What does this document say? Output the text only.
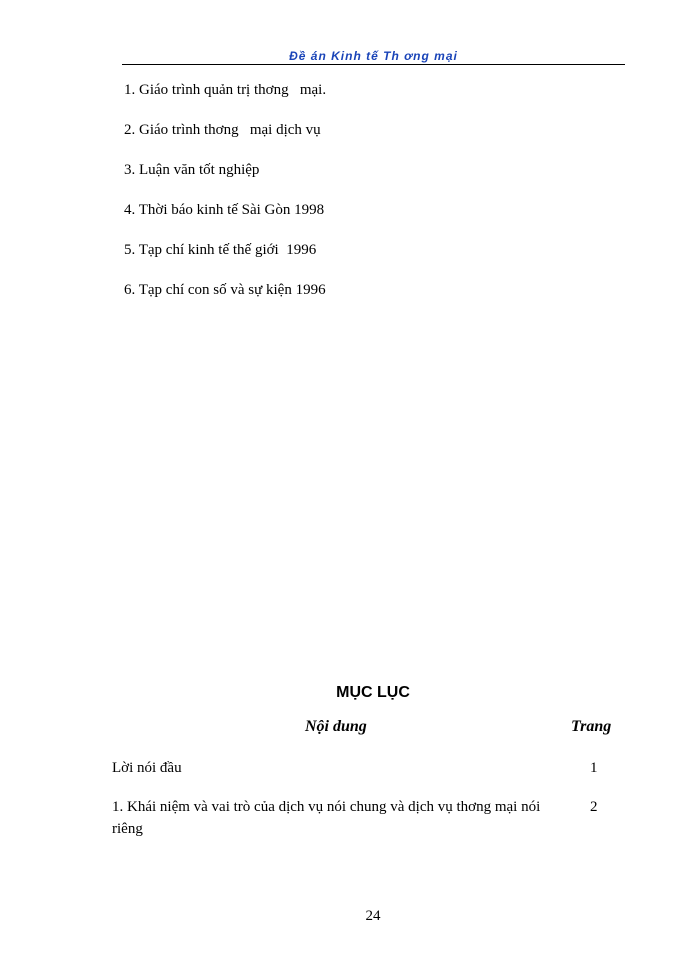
Đề án Kinh tế Th ơng mại
1. Giáo trình quản trị thơng   mại.
2. Giáo trình thơng   mại dịch vụ
3. Luận văn tốt nghiệp
4. Thời báo kinh tế Sài Gòn 1998
5. Tạp chí kinh tế thế giới  1996
6. Tạp chí con số và sự kiện 1996
MỤC LỤC
Nội dung	Trang
Lời nói đầu	1
1. Khái niệm và vai trò của dịch vụ nói chung và dịch vụ thơng mại nói riêng
2
24
